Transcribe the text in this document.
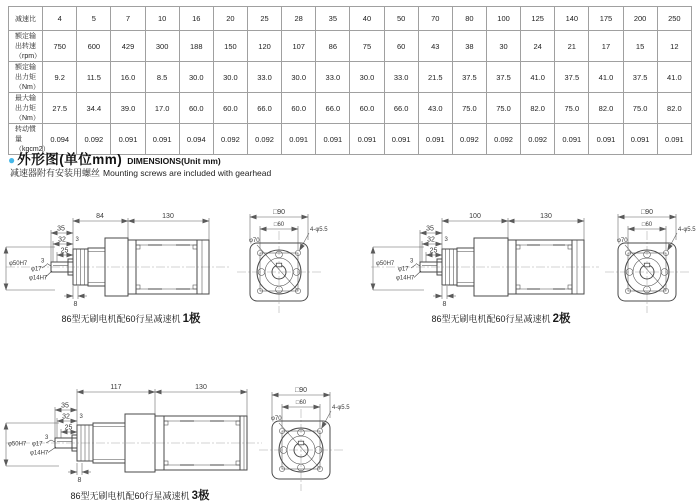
减速比	4	5	7	10	16	20	25	28	35	40	50	70	80	100	125	140	175	200	250
额定输出转速（rpm）	750	600	429	300	188	150	120	107	86	75	60	43	38	30	24	21	17	15	12
额定输出力矩（Nm）	9.2	11.5	16.0	8.5	30.0	30.0	33.0	30.0	33.0	30.0	33.0	21.5	37.5	37.5	41.0	37.5	41.0	37.5	41.0
最大输出力矩（Nm）	27.5	34.4	39.0	17.0	60.0	60.0	66.0	60.0	66.0	60.0	66.0	43.0	75.0	75.0	82.0	75.0	82.0	75.0	82.0
转动惯量（kgcm2）	0.094	0.092	0.091	0.091	0.094	0.092	0.092	0.091	0.091	0.091	0.091	0.091	0.092	0.092	0.092	0.091	0.091	0.091	0.091
● 外形图(单位mm) DIMENSIONS(Unit mm)
减速器附有安装用螺丝 Mounting screws are included with gearhead
84	130
35
32 3
25
3
8
φ50H7
φ17
φ14H7
□90
□60
φ70
4-φ5.5
100	130
35
32 3
25
3
8
φ50H7
φ17
φ14H7
□90
□60
φ70
4-φ5.5
117	130
35
32 3
25
3
8
φ50H7 φ17
φ14H7
□90
□60
φ70
4-φ5.5
86型无刷电机配60行星减速机 1极	86型无刷电机配60行星减速机 2极
86型无刷电机配60行星减速机 3极
